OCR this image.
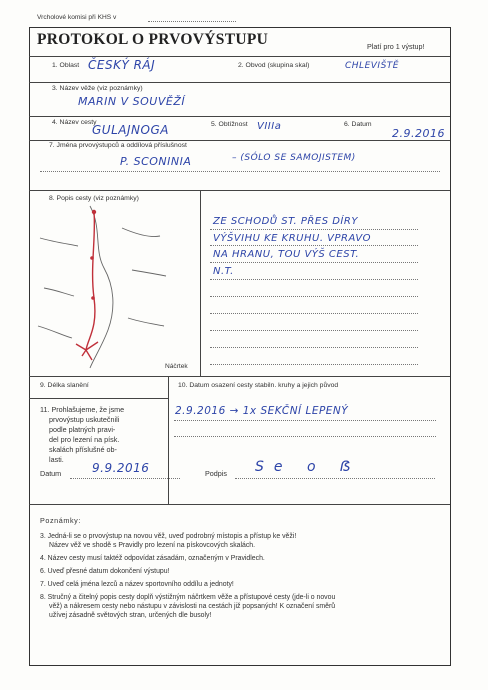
Vrcholové komisi při KHS v
PROTOKOL O PRVOVÝSTUPU	Platí pro 1 výstup!
1. Oblast ČESKÝ RÁJ	2. Obvod (skupina skal)	CHLEVIŠTĚ
3. Název věže (viz poznámky)
MARIN V SOUVĚŽÍ
4. Název cesty
GULAJNOGA	5. Obtížnost VIIIa	6. Datum
2.9.2016
7. Jména prvovýstupců a oddílová příslušnost
P. SCONINIA	– (SÓLO SE SAMOJISTEM)
8. Popis cesty (viz poznámky)
Náčrtek
ZE SCHODŮ ST. PŘES DÍRY
VÝŠVIHU KE KRUHU. VPRAVO
NA HRANU, TOU VÝŠ CEST.
N.T.
9. Délka slanění	10. Datum osazení cesty stabiln. kruhy a jejich původ
2.9.2016 → 1x SEKČNÍ LEPENÝ
11. Prohlašujeme, že jsme
prvovýstup uskutečnili
podle platných pravi-
del pro lezení na písk.
skalách příslušné ob-
lasti.
Datum	9.9.2016	Podpis Se o ẞ
Poznámky:
3. Jedná-li se o prvovýstup na novou věž, uveď podrobný místopis a přístup ke věži!
Název věž ve shodě s Pravidly pro lezení na pískovcových skalách.
4. Název cesty musí taktéž odpovídat zásadám, označeným v Pravidlech.
6. Uveď přesné datum dokončení výstupu!
7. Uveď celá jména lezců a název sportovního oddílu a jednoty!
8. Stručný a čitelný popis cesty doplň výstižným náčrtkem věže a přístupové cesty (jde-li o novou
věž) a nákresem cesty nebo nástupu v závislosti na cestách již popsaných! K označení směrů
užívej zásadně světových stran, určených dle busoly!
